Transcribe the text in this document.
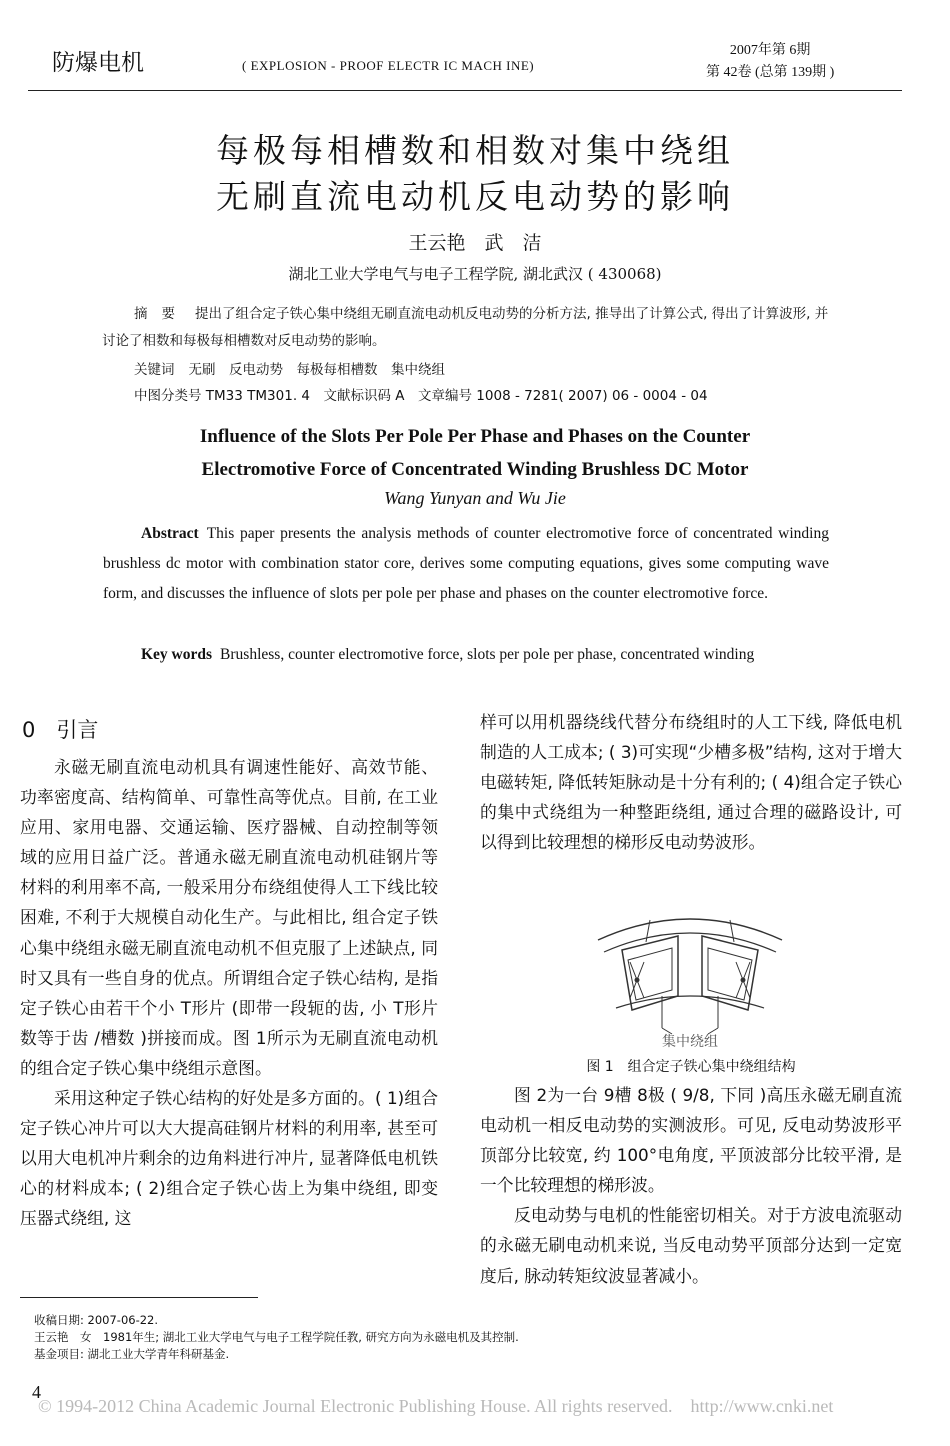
防爆电机	( EXPLOSION - PROOF ELECTR IC MACH INE)
2007年第 6期
第 42卷 (总第 139期 )
每极每相槽数和相数对集中绕组
无刷直流电动机反电动势的影响
王云艳　武　洁
湖北工业大学电气与电子工程学院, 湖北武汉 ( 430068)
摘要 提出了组合定子铁心集中绕组无刷直流电动机反电动势的分析方法, 推导出了计算公式, 得出了计算波形, 并讨论了相数和每极每相槽数对反电动势的影响。
关键词 无刷　反电动势　每极每相槽数　集中绕组
中图分类号 TM33 TM301. 4　文献标识码 A　文章编号 1008 - 7281( 2007) 06 - 0004 - 04
Influence of the Slots Per Pole Per Phase and Phases on the Counter
Electromotive Force of Concentrated Winding Brushless DC Motor
Wang Yunyan and Wu Jie
Abstract This paper presents the analysis methods of counter electromotive force of concentrated winding brushless dc motor with combination stator core, derives some computing equations, gives some computing wave form, and discusses the influence of slots per pole per phase and phases on the counter electromotive force.
Key words Brushless, counter electromotive force, slots per pole per phase, concentrated winding
0　引言

永磁无刷直流电动机具有调速性能好、高效节能、功率密度高、结构简单、可靠性高等优点。目前, 在工业应用、家用电器、交通运输、医疗器械、自动控制等领域的应用日益广泛。普通永磁无刷直流电动机硅钢片等材料的利用率不高, 一般采用分布绕组使得人工下线比较困难, 不利于大规模自动化生产。与此相比, 组合定子铁心集中绕组永磁无刷直流电动机不但克服了上述缺点, 同时又具有一些自身的优点。所谓组合定子铁心结构, 是指定子铁心由若干个小 T形片 (即带一段轭的齿, 小 T形片数等于齿 /槽数 )拼接而成。图 1所示为无刷直流电动机的组合定子铁心集中绕组示意图。

采用这种定子铁心结构的好处是多方面的。( 1)组合定子铁心冲片可以大大提高硅钢片材料的利用率, 甚至可以用大电机冲片剩余的边角料进行冲片, 显著降低电机铁心的材料成本; ( 2)组合定子铁心齿上为集中绕组, 即变压器式绕组, 这

样可以用机器绕线代替分布绕组时的人工下线, 降低电机制造的人工成本; ( 3)可实现“少槽多极”结构, 这对于增大电磁转矩, 降低转矩脉动是十分有利的; ( 4)组合定子铁心的集中式绕组为一种整距绕组, 通过合理的磁路设计, 可以得到比较理想的梯形反电动势波形。

集中绕组
图 1　组合定子铁心集中绕组结构

图 2为一台 9槽 8极 ( 9/8, 下同 )高压永磁无刷直流电动机一相反电动势的实测波形。可见, 反电动势波形平顶部分比较宽, 约 100°电角度, 平顶波部分比较平滑, 是一个比较理想的梯形波。

反电动势与电机的性能密切相关。对于方波电流驱动的永磁无刷电动机来说, 当反电动势平顶部分达到一定宽度后, 脉动转矩纹波显著减小。

收稿日期: 2007-06-22.
王云艳　女　1981年生; 湖北工业大学电气与电子工程学院任教, 研究方向为永磁电机及其控制.
基金项目: 湖北工业大学青年科研基金.
4
© 1994-2012 China Academic Journal Electronic Publishing House. All rights reserved.　http://www.cnki.net
